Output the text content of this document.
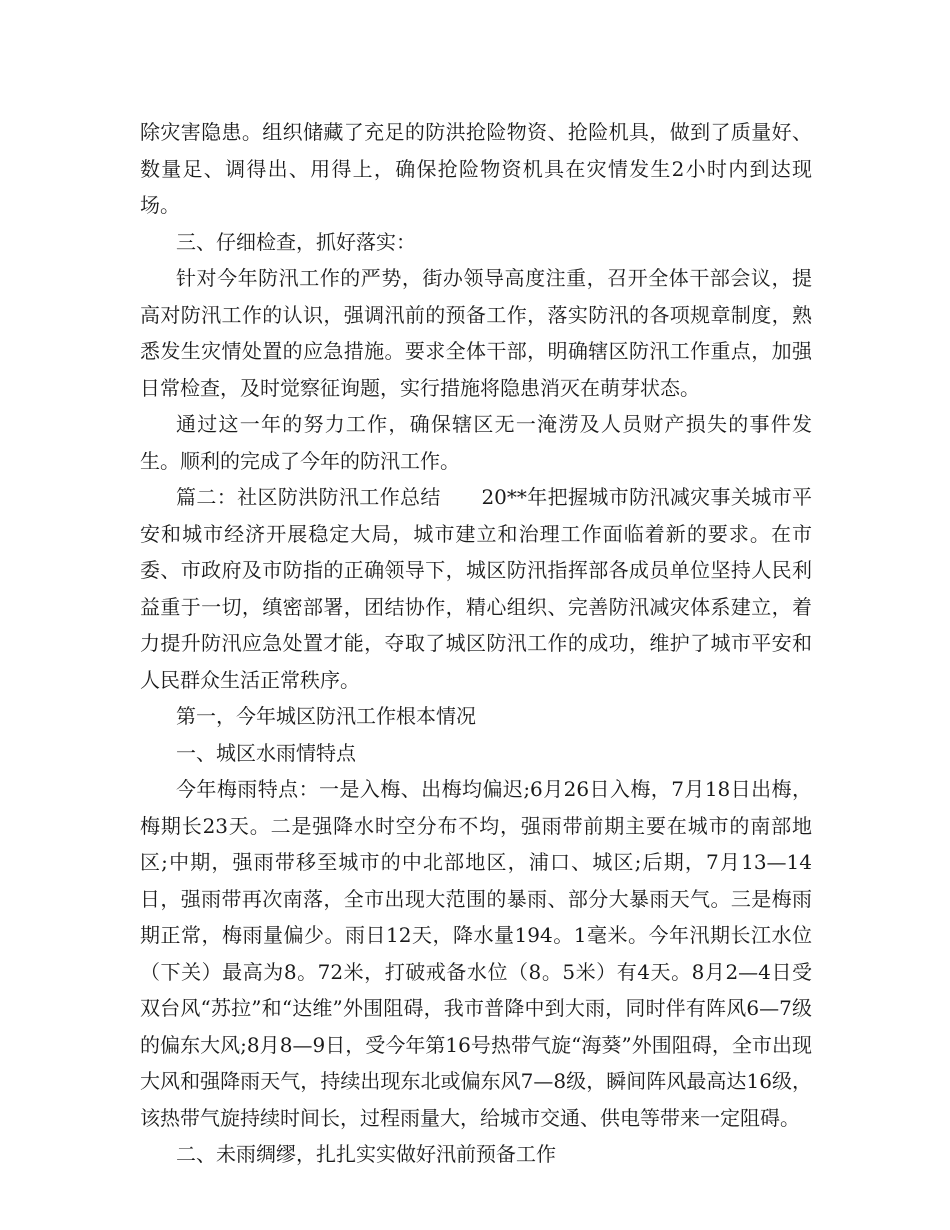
除灾害隐患。组织储藏了充足的防洪抢险物资、抢险机具，做到了质量好、数量足、调得出、用得上，确保抢险物资机具在灾情发生2小时内到达现场。

三、仔细检查，抓好落实：

针对今年防汛工作的严势，街办领导高度注重，召开全体干部会议，提高对防汛工作的认识，强调汛前的预备工作，落实防汛的各项规章制度，熟悉发生灾情处置的应急措施。要求全体干部，明确辖区防汛工作重点，加强日常检查，及时觉察征询题，实行措施将隐患消灭在萌芽状态。

通过这一年的努力工作，确保辖区无一淹涝及人员财产损失的事件发生。顺利的完成了今年的防汛工作。

篇二：社区防洪防汛工作总结　　20**年把握城市防汛减灾事关城市平安和城市经济开展稳定大局，城市建立和治理工作面临着新的要求。在市委、市政府及市防指的正确领导下，城区防汛指挥部各成员单位坚持人民利益重于一切，缜密部署，团结协作，精心组织、完善防汛减灾体系建立，着力提升防汛应急处置才能，夺取了城区防汛工作的成功，维护了城市平安和人民群众生活正常秩序。

第一，今年城区防汛工作根本情况

一、城区水雨情特点

今年梅雨特点：一是入梅、出梅均偏迟;6月26日入梅，7月18日出梅，梅期长23天。二是强降水时空分布不均，强雨带前期主要在城市的南部地区;中期，强雨带移至城市的中北部地区，浦口、城区;后期，7月13—14日，强雨带再次南落，全市出现大范围的暴雨、部分大暴雨天气。三是梅雨期正常，梅雨量偏少。雨日12天，降水量194。1毫米。今年汛期长江水位（下关）最高为8。72米，打破戒备水位（8。5米）有4天。8月2—4日受双台风“苏拉”和“达维”外围阻碍，我市普降中到大雨，同时伴有阵风6—7级的偏东大风;8月8—9日，受今年第16号热带气旋“海葵”外围阻碍，全市出现大风和强降雨天气，持续出现东北或偏东风7—8级，瞬间阵风最高达16级，该热带气旋持续时间长，过程雨量大，给城市交通、供电等带来一定阻碍。

二、未雨绸缪，扎扎实实做好汛前预备工作
